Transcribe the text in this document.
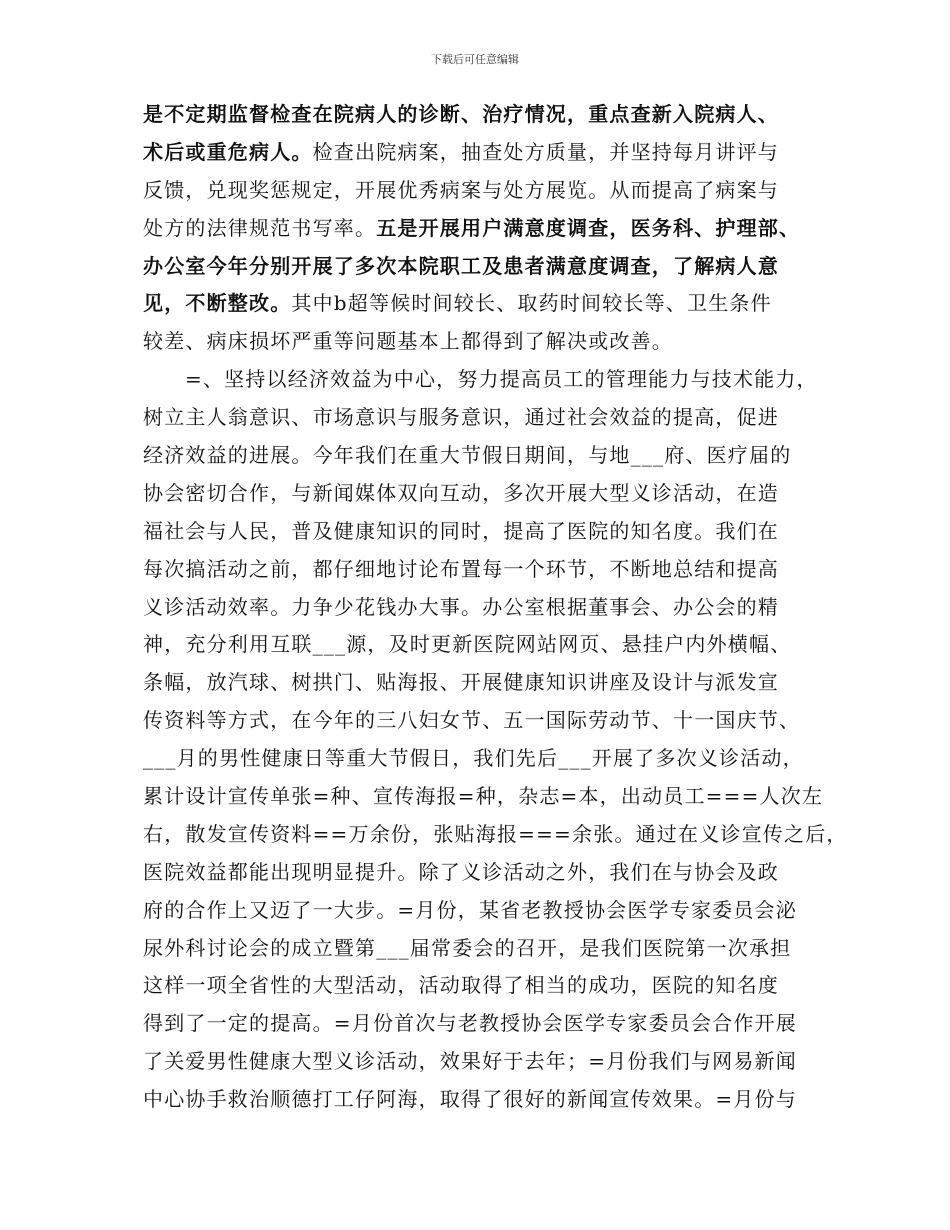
下载后可任意编辑
是不定期监督检查在院病人的诊断、治疗情况，重点查新入院病人、
术后或重危病人。检查出院病案，抽查处方质量，并坚持每月讲评与
反馈，兑现奖惩规定，开展优秀病案与处方展览。从而提高了病案与
处方的法律规范书写率。五是开展用户满意度调查，医务科、护理部、
办公室今年分别开展了多次本院职工及患者满意度调查，了解病人意
见，不断整改。其中b超等候时间较长、取药时间较长等、卫生条件
较差、病床损坏严重等问题基本上都得到了解决或改善。
=、坚持以经济效益为中心，努力提高员工的管理能力与技术能力，
树立主人翁意识、市场意识与服务意识，通过社会效益的提高，促进
经济效益的进展。今年我们在重大节假日期间，与地___府、医疗届的
协会密切合作，与新闻媒体双向互动，多次开展大型义诊活动，在造
福社会与人民，普及健康知识的同时，提高了医院的知名度。我们在
每次搞活动之前，都仔细地讨论布置每一个环节，不断地总结和提高
义诊活动效率。力争少花钱办大事。办公室根据董事会、办公会的精
神，充分利用互联___源，及时更新医院网站网页、悬挂户内外横幅、
条幅，放汽球、树拱门、贴海报、开展健康知识讲座及设计与派发宣
传资料等方式，在今年的三八妇女节、五一国际劳动节、十一国庆节、
___月的男性健康日等重大节假日，我们先后___开展了多次义诊活动，
累计设计宣传单张=种、宣传海报=种，杂志=本，出动员工===人次左
右，散发宣传资料==万余份，张贴海报===余张。通过在义诊宣传之后，
医院效益都能出现明显提升。除了义诊活动之外，我们在与协会及政
府的合作上又迈了一大步。=月份，某省老教授协会医学专家委员会泌
尿外科讨论会的成立暨第___届常委会的召开，是我们医院第一次承担
这样一项全省性的大型活动，活动取得了相当的成功，医院的知名度
得到了一定的提高。=月份首次与老教授协会医学专家委员会合作开展
了关爱男性健康大型义诊活动，效果好于去年；=月份我们与网易新闻
中心协手救治顺德打工仔阿海，取得了很好的新闻宣传效果。=月份与
